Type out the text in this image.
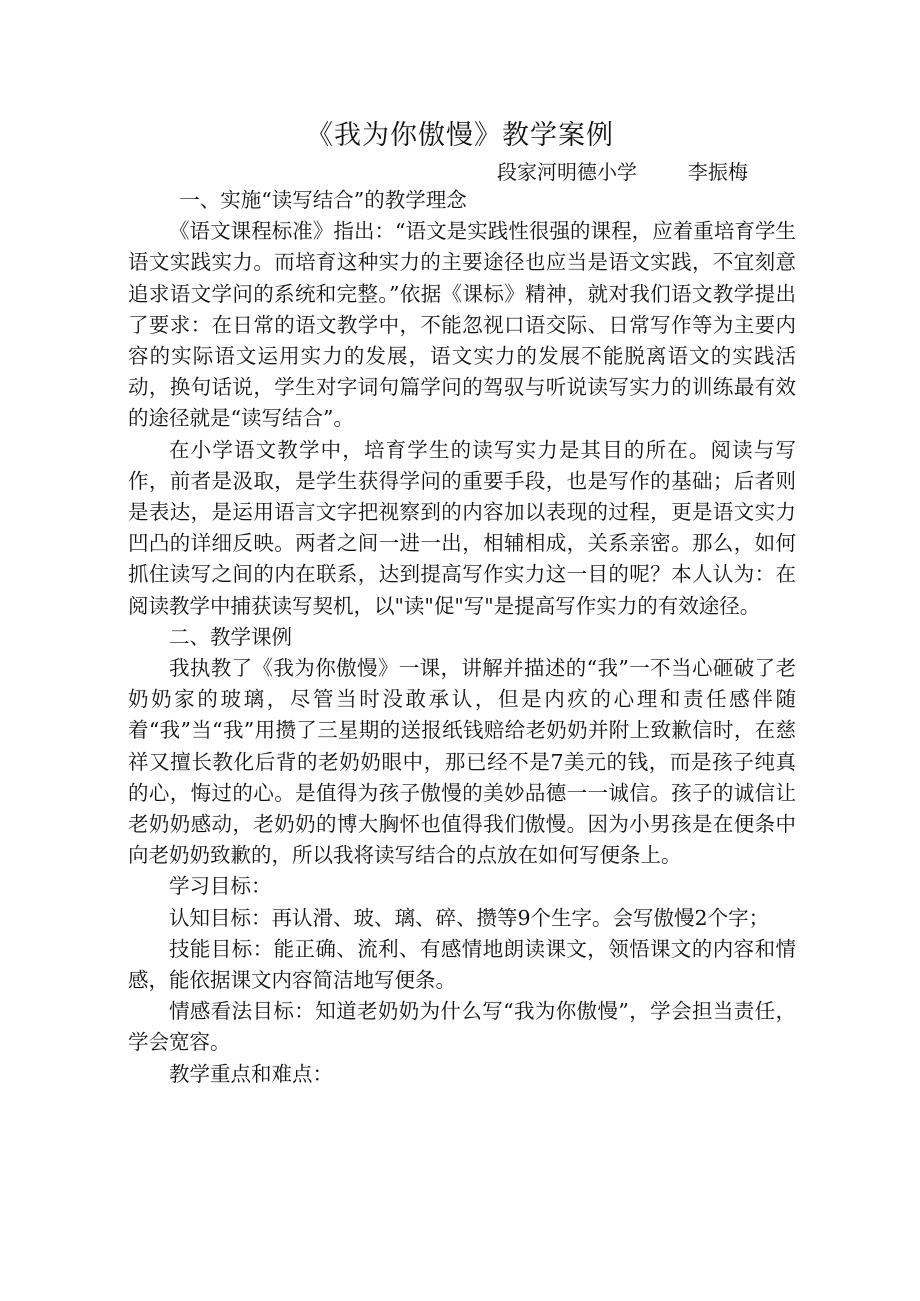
《我为你傲慢》教学案例
段家河明德小学        李振梅

一、实施“读写结合”的教学理念

《语文课程标准》指出：“语文是实践性很强的课程，应着重培育学生语文实践实力。而培育这种实力的主要途径也应当是语文实践，不宜刻意追求语文学问的系统和完整。”依据《课标》精神，就对我们语文教学提出了要求：在日常的语文教学中，不能忽视口语交际、日常写作等为主要内容的实际语文运用实力的发展，语文实力的发展不能脱离语文的实践活动，换句话说，学生对字词句篇学问的驾驭与听说读写实力的训练最有效的途径就是“读写结合”。

在小学语文教学中，培育学生的读写实力是其目的所在。阅读与写作，前者是汲取，是学生获得学问的重要手段，也是写作的基础；后者则是表达，是运用语言文字把视察到的内容加以表现的过程，更是语文实力凹凸的详细反映。两者之间一进一出，相辅相成，关系亲密。那么，如何抓住读写之间的内在联系，达到提高写作实力这一目的呢？本人认为：在阅读教学中捕获读写契机，以"读"促"写"是提高写作实力的有效途径。

二、教学课例

我执教了《我为你傲慢》一课，讲解并描述的“我”一不当心砸破了老奶奶家的玻璃，尽管当时没敢承认，但是内疚的心理和责任感伴随着“我”当“我”用攒了三星期的送报纸钱赔给老奶奶并附上致歉信时，在慈祥又擅长教化后背的老奶奶眼中，那已经不是7美元的钱，而是孩子纯真的心，悔过的心。是值得为孩子傲慢的美妙品德一一诚信。孩子的诚信让老奶奶感动，老奶奶的博大胸怀也值得我们傲慢。因为小男孩是在便条中向老奶奶致歉的，所以我将读写结合的点放在如何写便条上。

学习目标：

认知目标：再认滑、玻、璃、碎、攒等9个生字。会写傲慢2个字；

技能目标：能正确、流利、有感情地朗读课文，领悟课文的内容和情感，能依据课文内容简洁地写便条。

情感看法目标：知道老奶奶为什么写“我为你傲慢”，学会担当责任，学会宽容。

教学重点和难点：
